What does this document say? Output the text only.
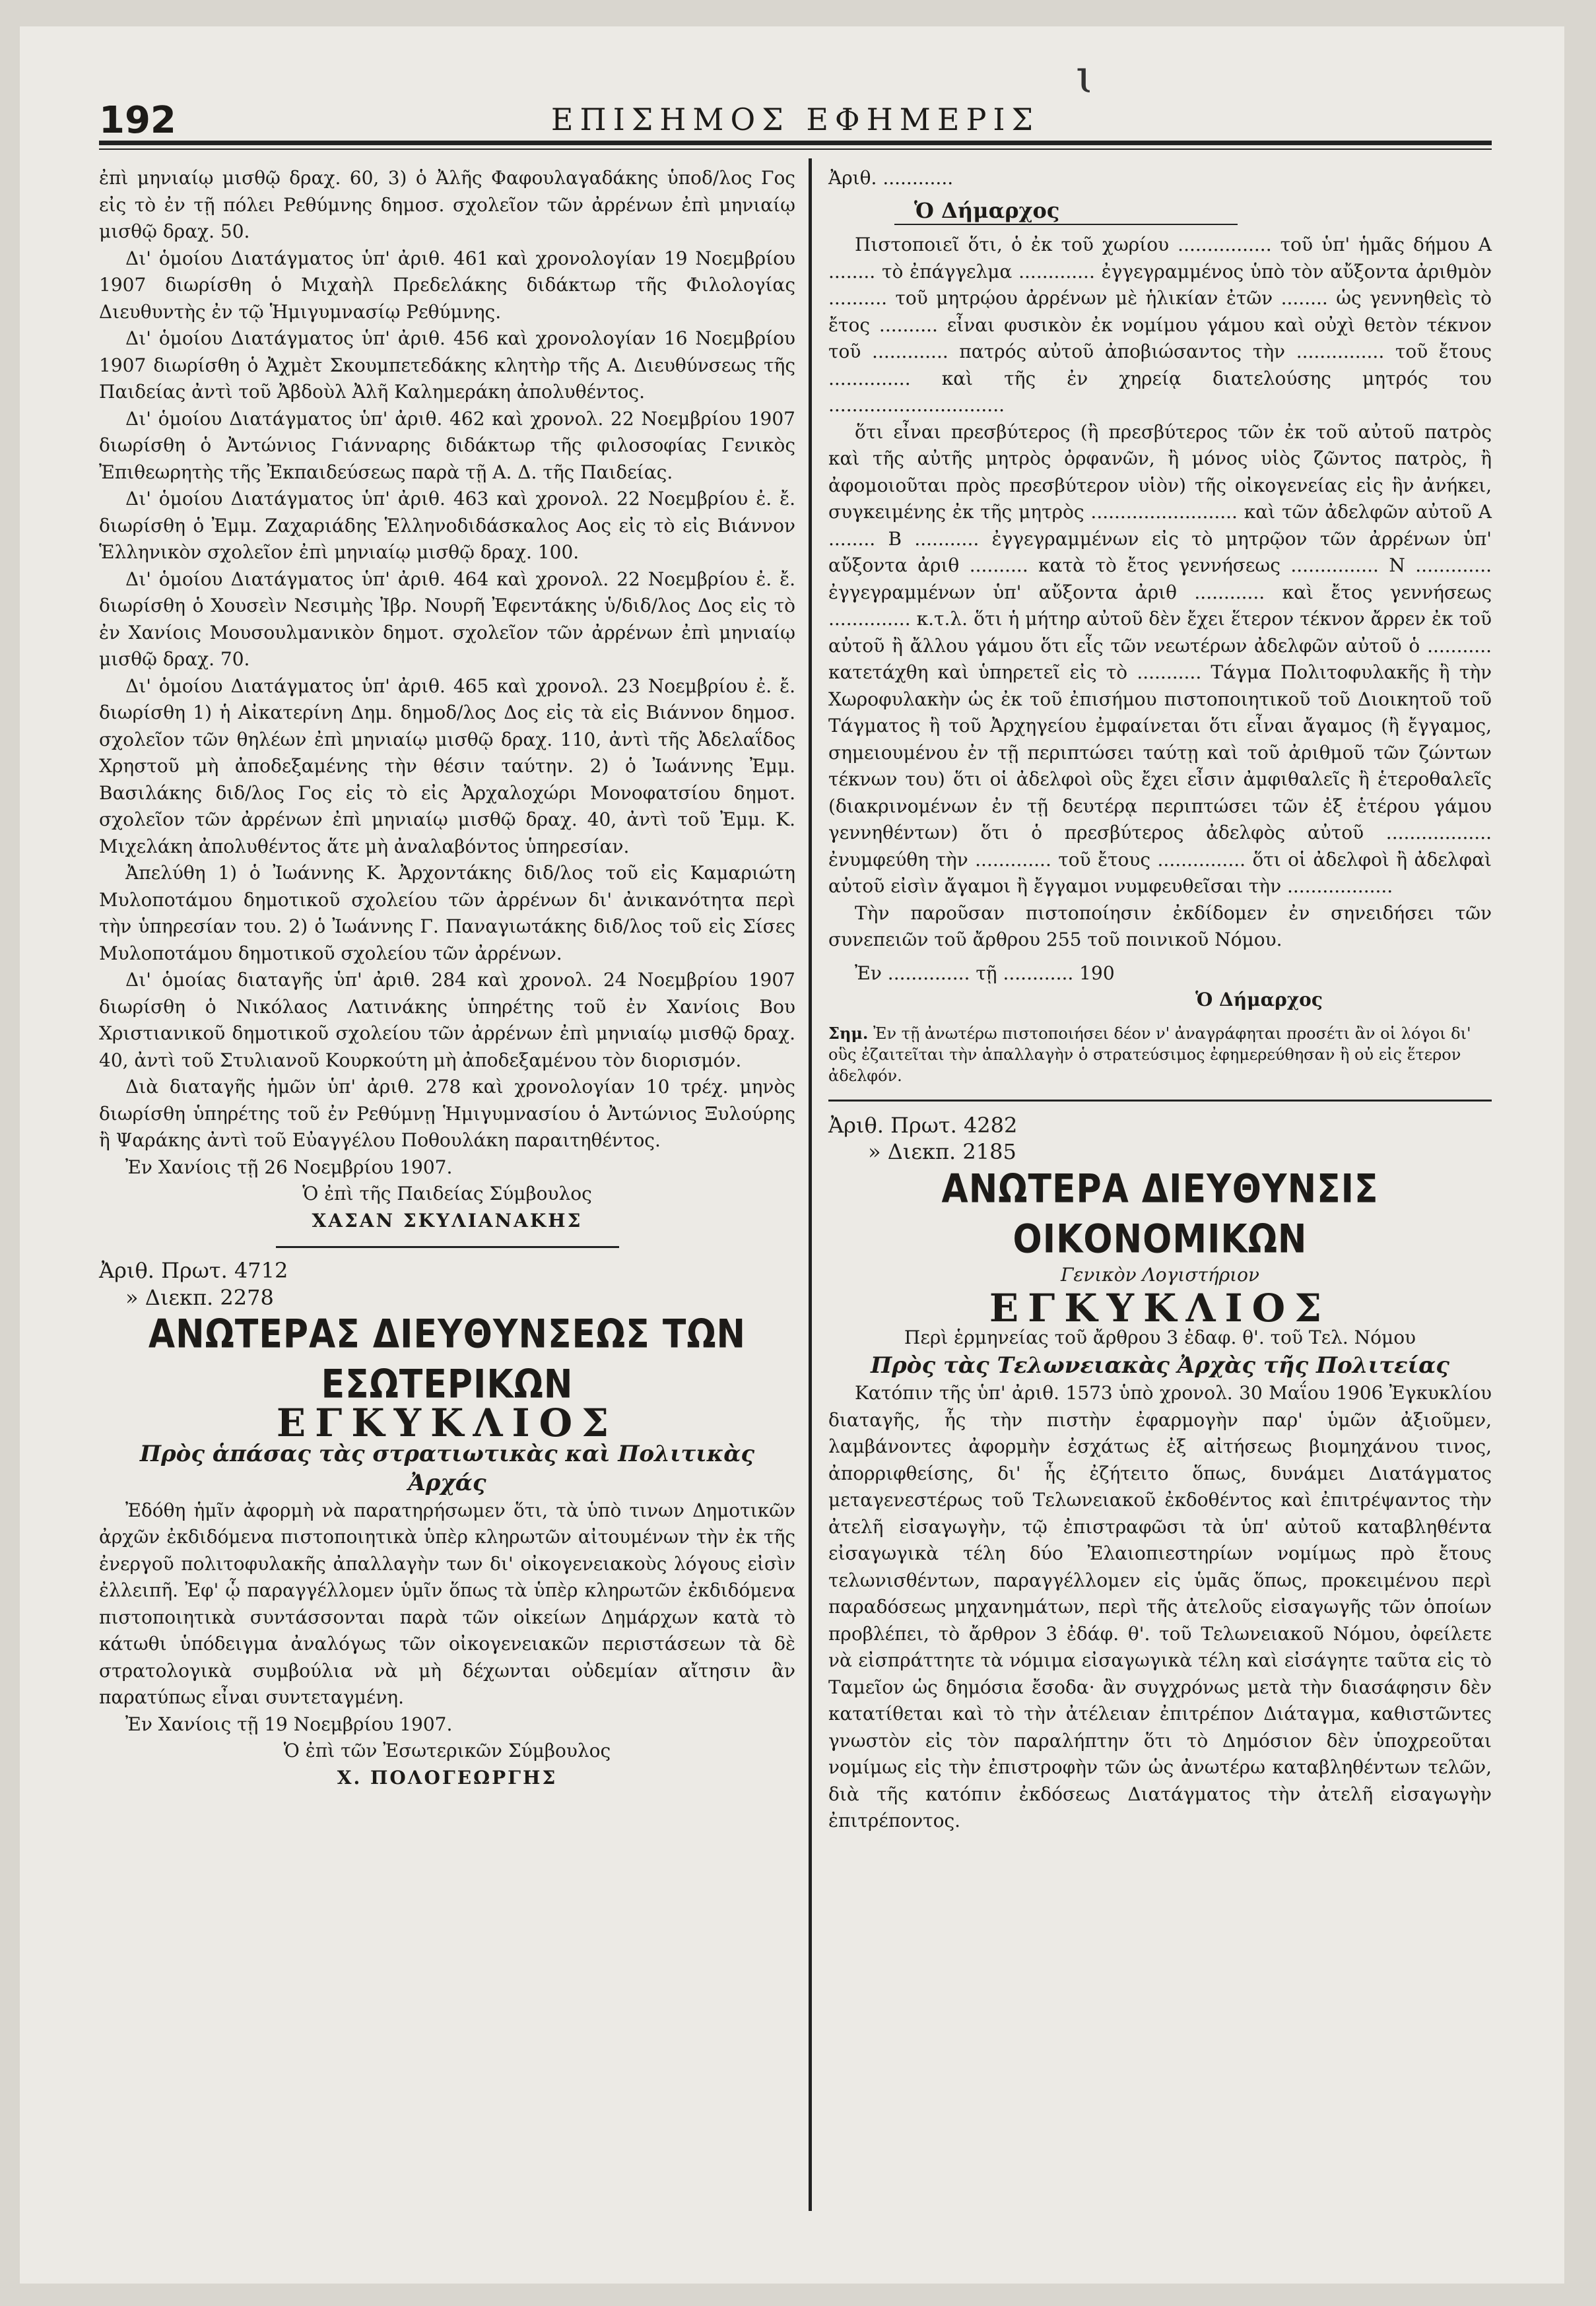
ɩ
192	ΕΠΙΣΗΜΟΣ ΕΦΗΜΕΡΙΣ

ἐπὶ μηνιαίῳ μισθῷ δραχ. 60, 3) ὁ Ἀλῆς Φαφουλαγαδάκης ὑποδ/λος Γος εἰς τὸ ἐν τῇ πόλει Ρεθύμνης δημοσ. σχολεῖον τῶν ἀρρένων ἐπὶ μηνιαίῳ μισθῷ δραχ. 50.

Δι' ὁμοίου Διατάγματος ὑπ' ἀριθ. 461 καὶ χρονολογίαν 19 Νοεμβρίου 1907 διωρίσθη ὁ Μιχαὴλ Πρεδελάκης διδάκτωρ τῆς Φιλολογίας Διευθυντὴς ἐν τῷ Ἡμιγυμνασίῳ Ρεθύμνης.

Δι' ὁμοίου Διατάγματος ὑπ' ἀριθ. 456 καὶ χρονολογίαν 16 Νοεμβρίου 1907 διωρίσθη ὁ Ἀχμὲτ Σκουμπετεδάκης κλητὴρ τῆς Α. Διευθύνσεως τῆς Παιδείας ἀντὶ τοῦ Ἀβδοὺλ Ἀλῆ Καλημεράκη ἀπολυθέντος.

Δι' ὁμοίου Διατάγματος ὑπ' ἀριθ. 462 καὶ χρονολ. 22 Νοεμβρίου 1907 διωρίσθη ὁ Ἀντώνιος Γιάνναρης διδάκτωρ τῆς φιλοσοφίας Γενικὸς Ἐπιθεωρητὴς τῆς Ἐκπαιδεύσεως παρὰ τῇ Α. Δ. τῆς Παιδείας.

Δι' ὁμοίου Διατάγματος ὑπ' ἀριθ. 463 καὶ χρονολ. 22 Νοεμβρίου ἐ. ἔ. διωρίσθη ὁ Ἐμμ. Ζαχαριάδης Ἑλληνοδιδάσκαλος Αος εἰς τὸ εἰς Βιάννον Ἑλληνικὸν σχολεῖον ἐπὶ μηνιαίῳ μισθῷ δραχ. 100.

Δι' ὁμοίου Διατάγματος ὑπ' ἀριθ. 464 καὶ χρονολ. 22 Νοεμβρίου ἐ. ἔ. διωρίσθη ὁ Χουσεὶν Νεσιμὴς Ἰβρ. Νουρῆ Ἐφεντάκης ὑ/διδ/λος Δος εἰς τὸ ἐν Χανίοις Μουσουλμανικὸν δημοτ. σχολεῖον τῶν ἀρρένων ἐπὶ μηνιαίῳ μισθῷ δραχ. 70.

Δι' ὁμοίου Διατάγματος ὑπ' ἀριθ. 465 καὶ χρονολ. 23 Νοεμβρίου ἐ. ἔ. διωρίσθη 1) ἡ Αἰκατερίνη Δημ. δημοδ/λος Δος εἰς τὰ εἰς Βιάννον δημοσ. σχολεῖον τῶν θηλέων ἐπὶ μηνιαίῳ μισθῷ δραχ. 110, ἀντὶ τῆς Ἀδελαΐδος Χρηστοῦ μὴ ἀποδεξαμένης τὴν θέσιν ταύτην. 2) ὁ Ἰωάννης Ἐμμ. Βασιλάκης διδ/λος Γος εἰς τὸ εἰς Ἀρχαλοχώρι Μονοφατσίου δημοτ. σχολεῖον τῶν ἀρρένων ἐπὶ μηνιαίῳ μισθῷ δραχ. 40, ἀντὶ τοῦ Ἐμμ. Κ. Μιχελάκη ἀπολυθέντος ἅτε μὴ ἀναλαβόντος ὑπηρεσίαν.

Ἀπελύθη 1) ὁ Ἰωάννης Κ. Ἀρχοντάκης διδ/λος τοῦ εἰς Καμαριώτη Μυλοποτάμου δημοτικοῦ σχολείου τῶν ἀρρένων δι' ἀνικανότητα περὶ τὴν ὑπηρεσίαν του. 2) ὁ Ἰωάννης Γ. Παναγιωτάκης διδ/λος τοῦ εἰς Σίσες Μυλοποτάμου δημοτικοῦ σχολείου τῶν ἀρρένων.

Δι' ὁμοίας διαταγῆς ὑπ' ἀριθ. 284 καὶ χρονολ. 24 Νοεμβρίου 1907 διωρίσθη ὁ Νικόλαος Λατινάκης ὑπηρέτης τοῦ ἐν Χανίοις Βου Χριστιανικοῦ δημοτικοῦ σχολείου τῶν ἀρρένων ἐπὶ μηνιαίῳ μισθῷ δραχ. 40, ἀντὶ τοῦ Στυλιανοῦ Κουρκούτη μὴ ἀποδεξαμένου τὸν διορισμόν.

Διὰ διαταγῆς ἡμῶν ὑπ' ἀριθ. 278 καὶ χρονολογίαν 10 τρέχ. μηνὸς διωρίσθη ὑπηρέτης τοῦ ἐν Ρεθύμνῃ Ἡμιγυμνασίου ὁ Ἀντώνιος Ξυλούρης ἢ Ψαράκης ἀντὶ τοῦ Εὐαγγέλου Ποθουλάκη παραιτηθέντος.

Ἐν Χανίοις τῇ 26 Νοεμβρίου 1907.

Ὁ ἐπὶ τῆς Παιδείας Σύμβουλος
ΧΑΣΑΝ ΣΚΥΛΙΑΝΑΚΗΣ

Ἀριθ. Πρωτ. 4712

» Διεκπ. 2278

ΑΝΩΤΕΡΑΣ ΔΙΕΥΘΥΝΣΕΩΣ ΤΩΝ ΕΣΩΤΕΡΙΚΩΝ
ΕΓΚΥΚΛΙΟΣ
Πρὸς ἁπάσας τὰς στρατιωτικὰς καὶ Πολιτικὰς Ἀρχάς

Ἐδόθη ἡμῖν ἀφορμὴ νὰ παρατηρήσωμεν ὅτι, τὰ ὑπὸ τινων Δημοτικῶν ἀρχῶν ἐκδιδόμενα πιστοποιητικὰ ὑπὲρ κληρωτῶν αἰτουμένων τὴν ἐκ τῆς ἐνεργοῦ πολιτοφυλακῆς ἀπαλλαγὴν των δι' οἰκογενειακοὺς λόγους εἰσὶν ἐλλειπῆ. Ἐφ' ᾧ παραγγέλλομεν ὑμῖν ὅπως τὰ ὑπὲρ κληρωτῶν ἐκδιδόμενα πιστοποιητικὰ συντάσσονται παρὰ τῶν οἰκείων Δημάρχων κατὰ τὸ κάτωθι ὑπόδειγμα ἀναλόγως τῶν οἰκογενειακῶν περιστάσεων τὰ δὲ στρατολογικὰ συμβούλια νὰ μὴ δέχωνται οὐδεμίαν αἴτησιν ἂν παρατύπως εἶναι συντεταγμένη.

Ἐν Χανίοις τῇ 19 Νοεμβρίου 1907.

Ὁ ἐπὶ τῶν Ἐσωτερικῶν Σύμβουλος
Χ. ΠΟΛΟΓΕΩΡΓΗΣ

Ἀριθ. ............

Ὁ Δήμαρχος

Πιστοποιεῖ ὅτι, ὁ ἐκ τοῦ χωρίου ................ τοῦ ὑπ' ἡμᾶς δήμου Α ........ τὸ ἐπάγγελμα ............. ἐγγεγραμμένος ὑπὸ τὸν αὔξοντα ἀριθμὸν .......... τοῦ μητρῴου ἀρρένων μὲ ἡλικίαν ἐτῶν ........ ὡς γεννηθεὶς τὸ ἔτος .......... εἶναι φυσικὸν ἐκ νομίμου γάμου καὶ οὐχὶ θετὸν τέκνον τοῦ ............. πατρός αὐτοῦ ἀποβιώσαντος τὴν ............... τοῦ ἔτους .............. καὶ τῆς ἐν χηρείᾳ διατελούσης μητρός του ..............................

ὅτι εἶναι πρεσβύτερος (ἢ πρεσβύτερος τῶν ἐκ τοῦ αὐτοῦ πατρὸς καὶ τῆς αὐτῆς μητρὸς ὀρφανῶν, ἢ μόνος υἱὸς ζῶντος πατρὸς, ἢ ἀφομοιοῦται πρὸς πρεσβύτερον υἱὸν) τῆς οἰκογενείας εἰς ἣν ἀνήκει, συγκειμένης ἐκ τῆς μητρὸς ......................... καὶ τῶν ἀδελφῶν αὐτοῦ Α ........ Β ........... ἐγγεγραμμένων εἰς τὸ μητρῷον τῶν ἀρρένων ὑπ' αὔξοντα ἀριθ .......... κατὰ τὸ ἔτος γεννήσεως ............... Ν ............. ἐγγεγραμμένων ὑπ' αὔξοντα ἀριθ ............ καὶ ἔτος γεννήσεως .............. κ.τ.λ. ὅτι ἡ μήτηρ αὐτοῦ δὲν ἔχει ἕτερον τέκνον ἄρρεν ἐκ τοῦ αὐτοῦ ἢ ἄλλου γάμου ὅτι εἷς τῶν νεωτέρων ἀδελφῶν αὐτοῦ ὁ ........... κατετάχθη καὶ ὑπηρετεῖ εἰς τὸ ........... Τάγμα Πολιτοφυλακῆς ἢ τὴν Χωροφυλακὴν ὡς ἐκ τοῦ ἐπισήμου πιστοποιητικοῦ τοῦ Διοικητοῦ τοῦ Τάγματος ἢ τοῦ Ἀρχηγείου ἐμφαίνεται ὅτι εἶναι ἄγαμος (ἢ ἔγγαμος, σημειουμένου ἐν τῇ περιπτώσει ταύτῃ καὶ τοῦ ἀριθμοῦ τῶν ζώντων τέκνων του) ὅτι οἱ ἀδελφοὶ οὓς ἔχει εἶσιν ἀμφιθαλεῖς ἢ ἑτεροθαλεῖς (διακρινομένων ἐν τῇ δευτέρᾳ περιπτώσει τῶν ἐξ ἑτέρου γάμου γεννηθέντων) ὅτι ὁ πρεσβύτερος ἀδελφὸς αὐτοῦ .................. ἐνυμφεύθη τὴν ............. τοῦ ἔτους ............... ὅτι οἱ ἀδελφοὶ ἢ ἀδελφαὶ αὐτοῦ εἰσὶν ἄγαμοι ἢ ἔγγαμοι νυμφευθεῖσαι τὴν ..................

Τὴν παροῦσαν πιστοποίησιν ἐκδίδομεν ἐν σηνειδήσει τῶν συνεπειῶν τοῦ ἄρθρου 255 τοῦ ποινικοῦ Νόμου.

Ἐν .............. τῇ ............ 190

Ὁ Δήμαρχος
Σημ. Ἐν τῇ ἀνωτέρω πιστοποιήσει δέον ν' ἀναγράφηται προσέτι ἂν οἱ λόγοι δι' οὓς ἐζαιτεῖται τὴν ἀπαλλαγὴν ὁ στρατεύσιμος ἐφημερεύθησαν ἢ οὐ εἰς ἕτερον ἀδελφόν.

Ἀριθ. Πρωτ. 4282

» Διεκπ. 2185

ΑΝΩΤΕΡΑ ΔΙΕΥΘΥΝΣΙΣ ΟΙΚΟΝΟΜΙΚΩΝ
Γενικὸν Λογιστήριον
ΕΓΚΥΚΛΙΟΣ
Περὶ ἑρμηνείας τοῦ ἄρθρου 3 ἐδαφ. θ'. τοῦ Τελ. Νόμου
Πρὸς τὰς Τελωνειακὰς Ἀρχὰς τῆς Πολιτείας

Κατόπιν τῆς ὑπ' ἀριθ. 1573 ὑπὸ χρονολ. 30 Μαΐου 1906 Ἐγκυκλίου διαταγῆς, ἧς τὴν πιστὴν ἐφαρμογὴν παρ' ὑμῶν ἀξιοῦμεν, λαμβάνοντες ἀφορμὴν ἐσχάτως ἐξ αἰτήσεως βιομηχάνου τινος, ἀπορριφθείσης, δι' ἧς ἐζήτειτο ὅπως, δυνάμει Διατάγματος μεταγενεστέρως τοῦ Τελωνειακοῦ ἐκδοθέντος καὶ ἐπιτρέψαντος τὴν ἀτελῆ εἰσαγωγὴν, τῷ ἐπιστραφῶσι τὰ ὑπ' αὐτοῦ καταβληθέντα εἰσαγωγικὰ τέλη δύο Ἐλαιοπιεστηρίων νομίμως πρὸ ἔτους τελωνισθέντων, παραγγέλλομεν εἰς ὑμᾶς ὅπως, προκειμένου περὶ παραδόσεως μηχανημάτων, περὶ τῆς ἀτελοῦς εἰσαγωγῆς τῶν ὁποίων προβλέπει, τὸ ἄρθρον 3 ἐδάφ. θ'. τοῦ Τελωνειακοῦ Νόμου, ὀφείλετε νὰ εἰσπράττητε τὰ νόμιμα εἰσαγωγικὰ τέλη καὶ εἰσάγητε ταῦτα εἰς τὸ Ταμεῖον ὡς δημόσια ἔσοδα· ἂν συγχρόνως μετὰ τὴν διασάφησιν δὲν κατατίθεται καὶ τὸ τὴν ἀτέλειαν ἐπιτρέπον Διάταγμα, καθιστῶντες γνωστὸν εἰς τὸν παραλήπτην ὅτι τὸ Δημόσιον δὲν ὑποχρεοῦται νομίμως εἰς τὴν ἐπιστροφὴν τῶν ὡς ἀνωτέρω καταβληθέντων τελῶν, διὰ τῆς κατόπιν ἐκδόσεως Διατάγματος τὴν ἀτελῆ εἰσαγωγὴν ἐπιτρέποντος.
